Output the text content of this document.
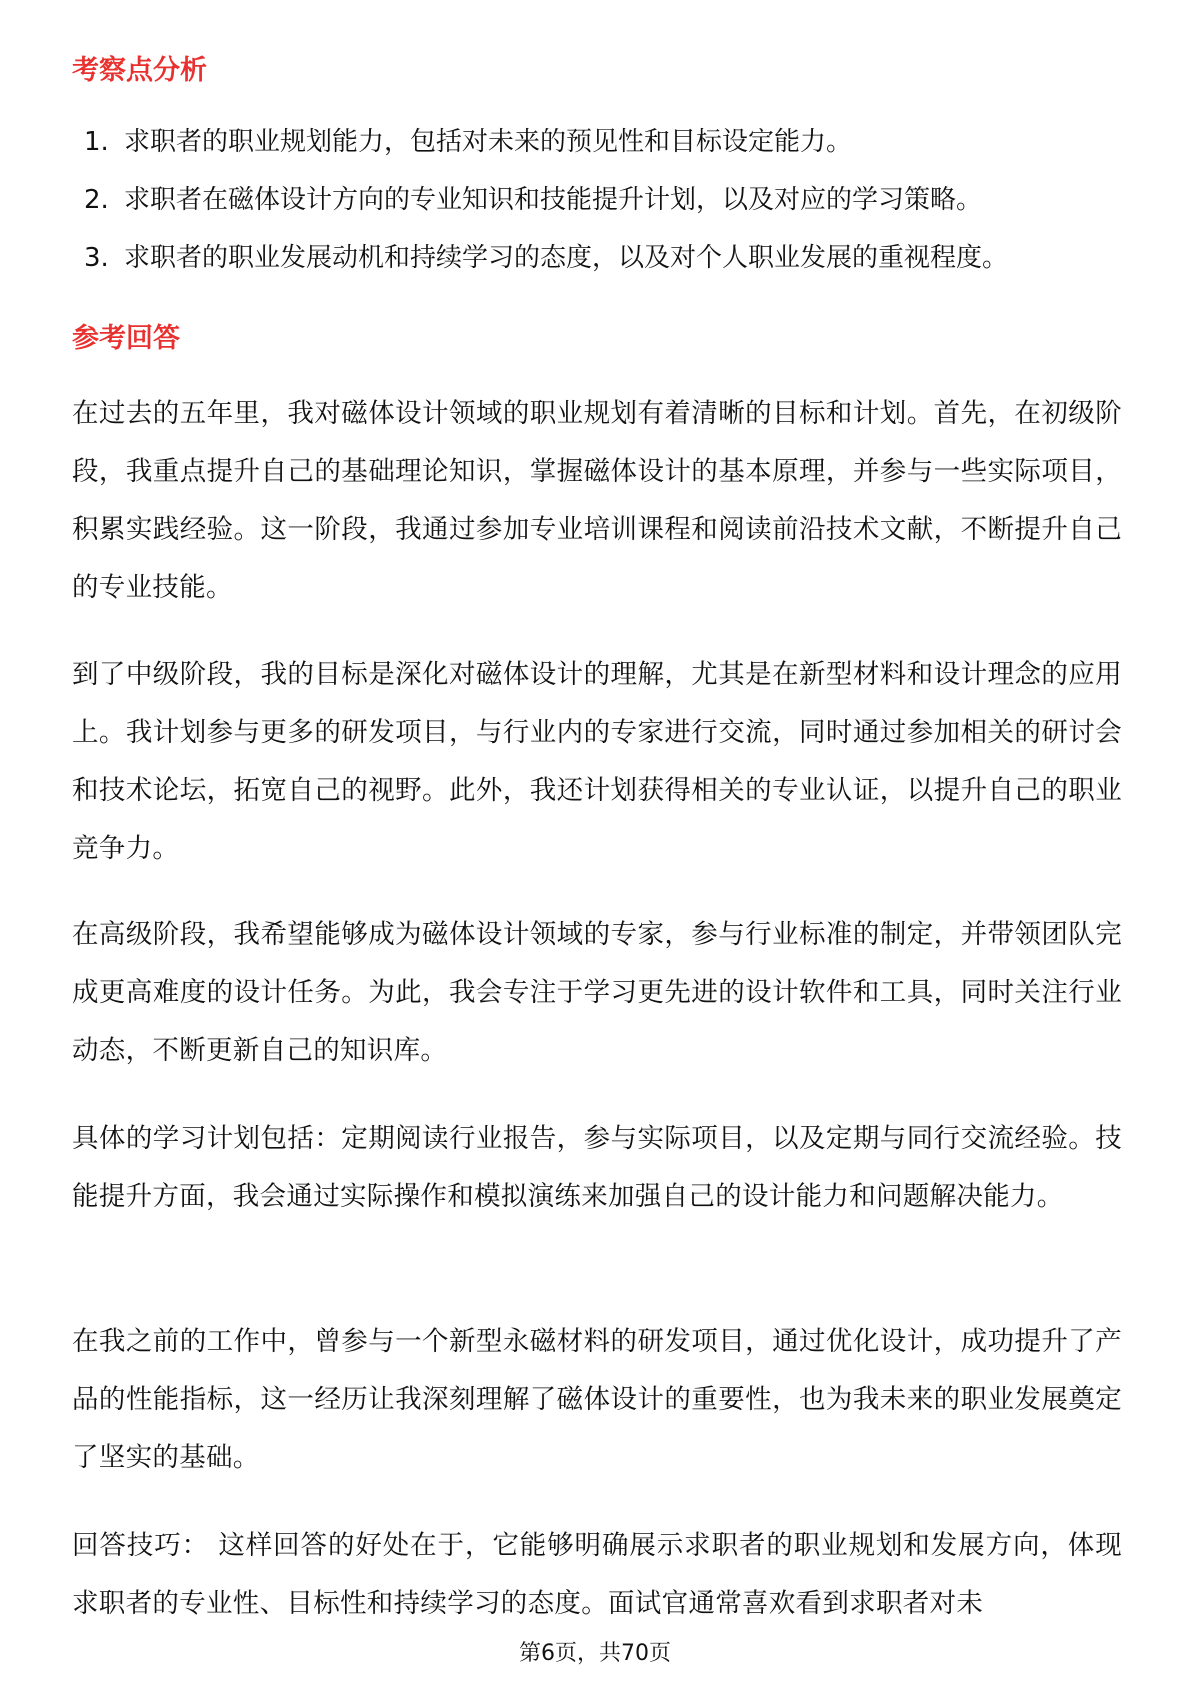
考察点分析
1. 求职者的职业规划能力，包括对未来的预见性和目标设定能力。
2. 求职者在磁体设计方向的专业知识和技能提升计划，以及对应的学习策略。
3. 求职者的职业发展动机和持续学习的态度，以及对个人职业发展的重视程度。
参考回答

在过去的五年里，我对磁体设计领域的职业规划有着清晰的目标和计划。首先，在初级阶段，我重点提升自己的基础理论知识，掌握磁体设计的基本原理，并参与一些实际项目，积累实践经验。这一阶段，我通过参加专业培训课程和阅读前沿技术文献，不断提升自己的专业技能。

到了中级阶段，我的目标是深化对磁体设计的理解，尤其是在新型材料和设计理念的应用上。我计划参与更多的研发项目，与行业内的专家进行交流，同时通过参加相关的研讨会和技术论坛，拓宽自己的视野。此外，我还计划获得相关的专业认证，以提升自己的职业竞争力。

在高级阶段，我希望能够成为磁体设计领域的专家，参与行业标准的制定，并带领团队完成更高难度的设计任务。为此，我会专注于学习更先进的设计软件和工具，同时关注行业动态，不断更新自己的知识库。

具体的学习计划包括：定期阅读行业报告，参与实际项目，以及定期与同行交流经验。技能提升方面，我会通过实际操作和模拟演练来加强自己的设计能力和问题解决能力。

在我之前的工作中，曾参与一个新型永磁材料的研发项目，通过优化设计，成功提升了产品的性能指标，这一经历让我深刻理解了磁体设计的重要性，也为我未来的职业发展奠定了坚实的基础。

回答技巧： 这样回答的好处在于，它能够明确展示求职者的职业规划和发展方向，体现求职者的专业性、目标性和持续学习的态度。面试官通常喜欢看到求职者对未

第6页，共70页
